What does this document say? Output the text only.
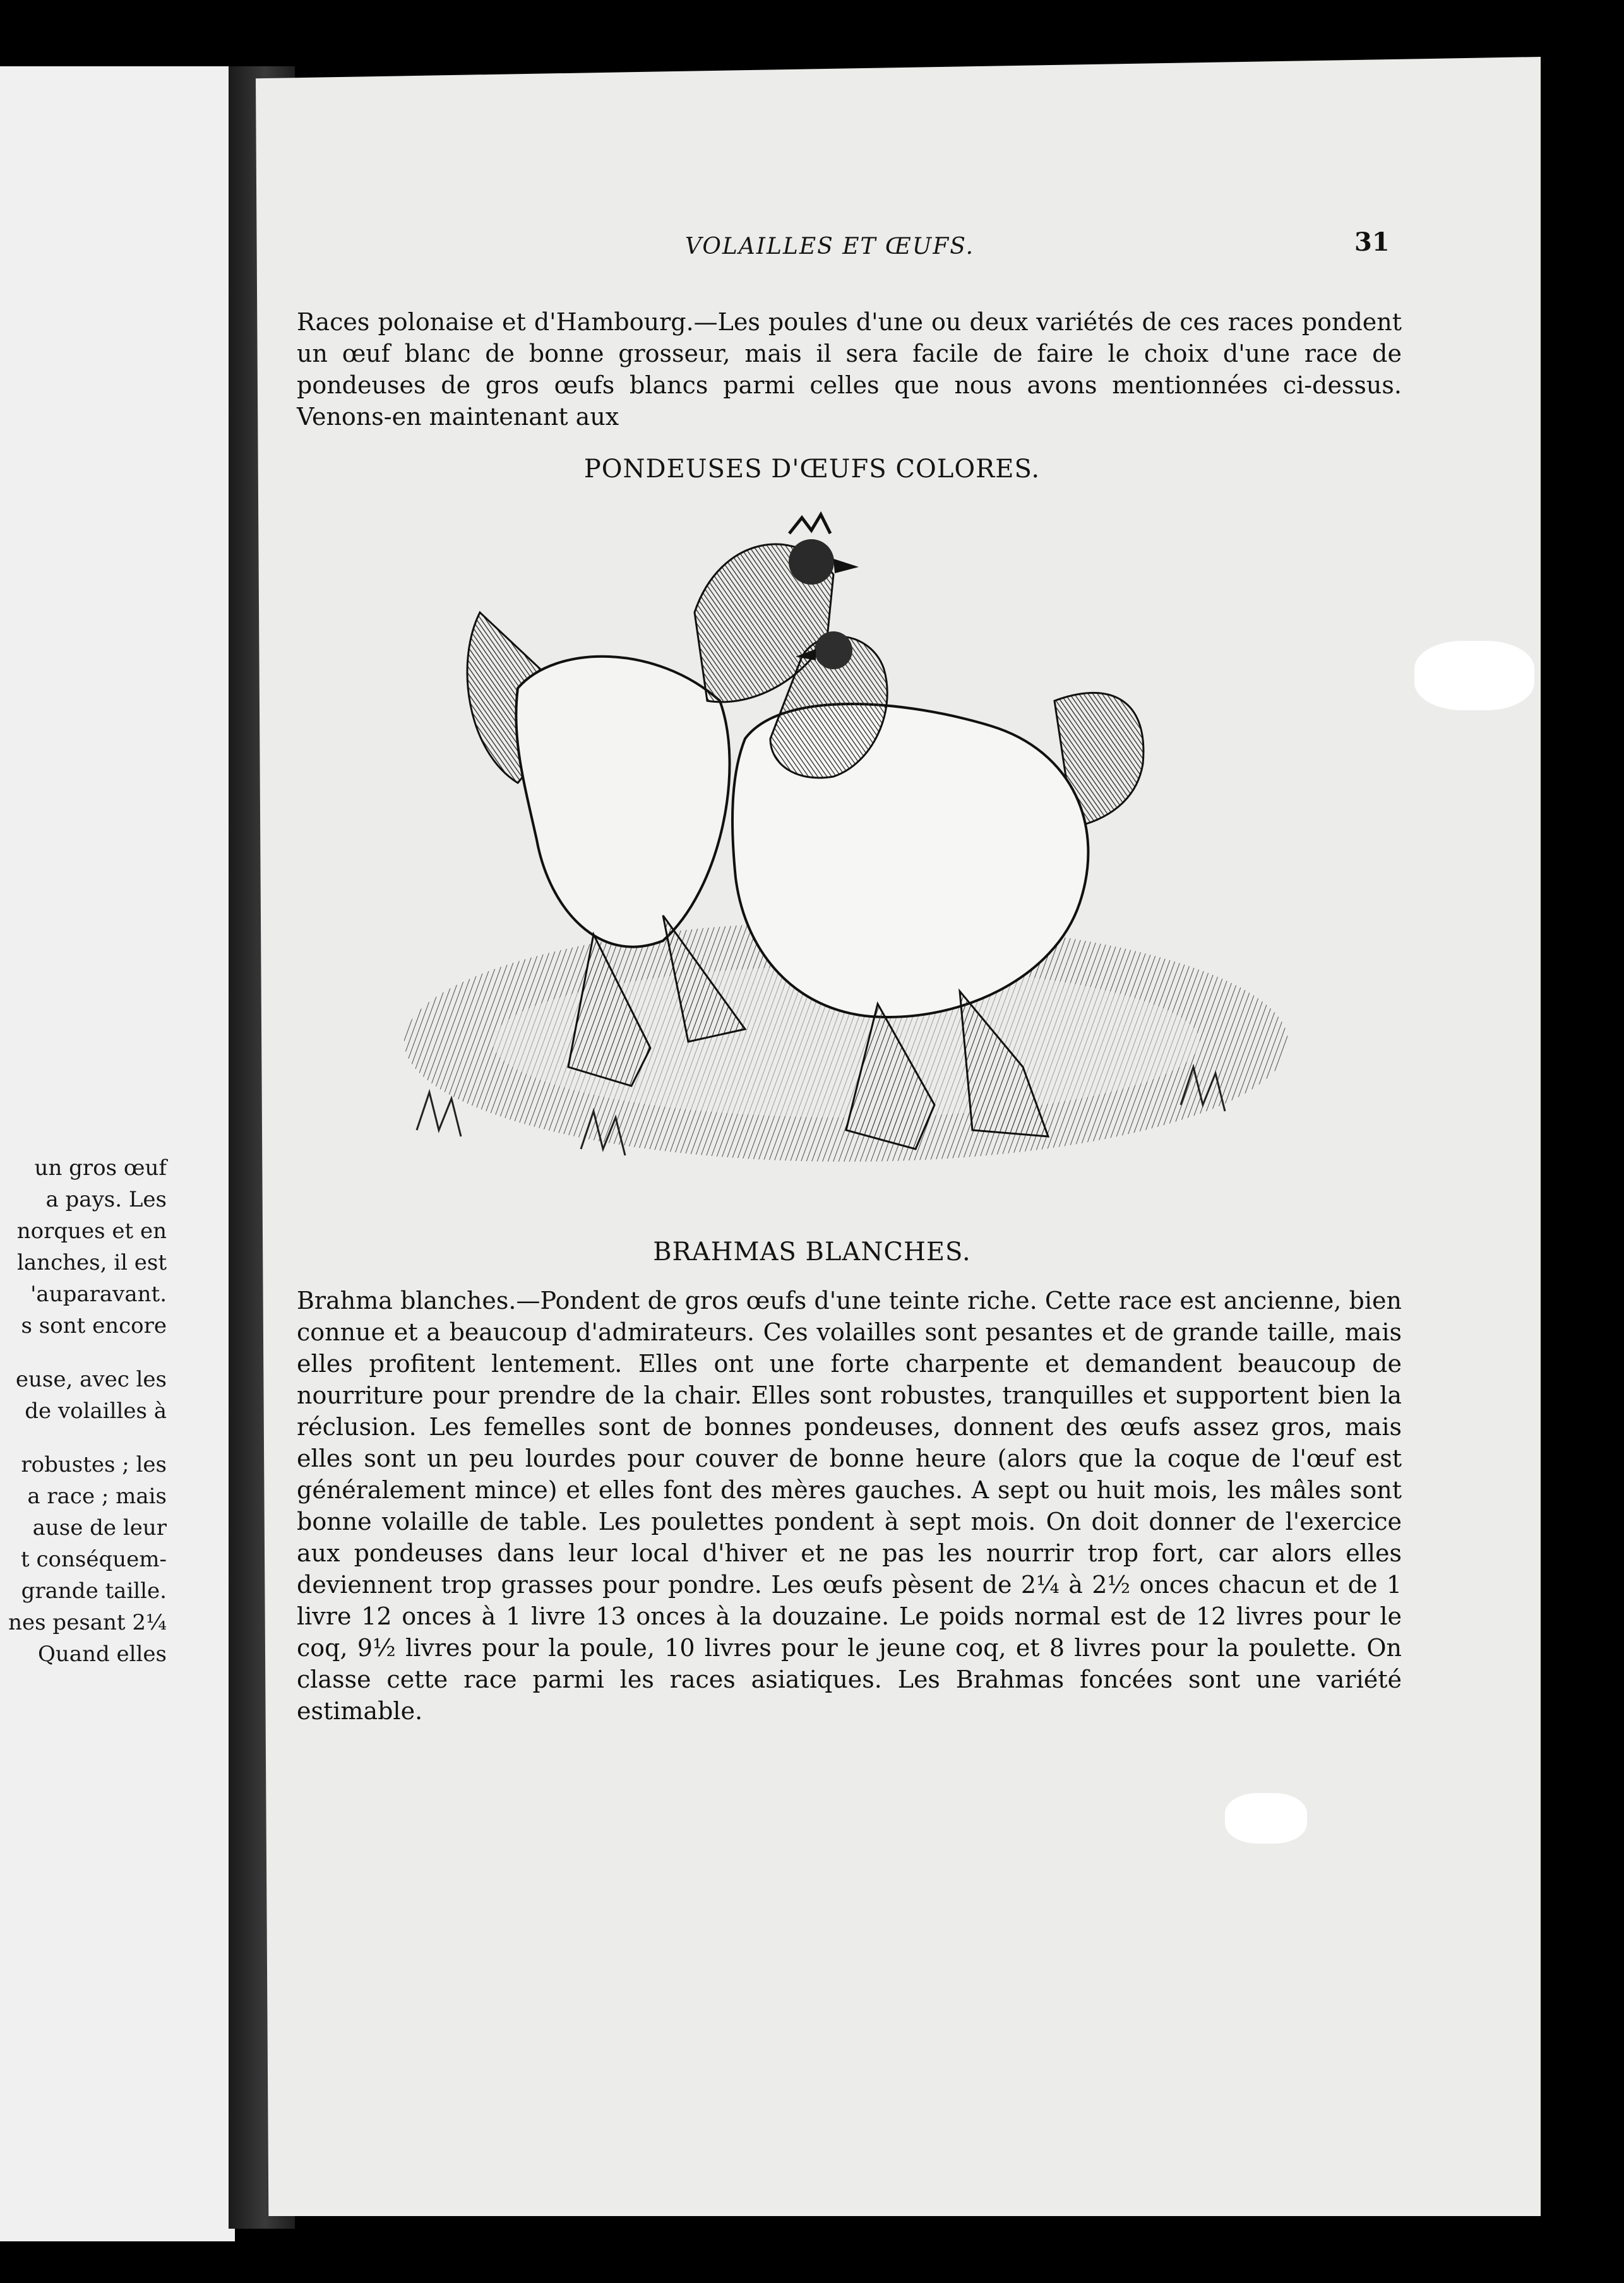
un gros œuf
a pays. Les
norques et en
lanches, il est
'auparavant.
s sont encore
euse, avec les
de volailles à
robustes ; les
a race ; mais
ause de leur
t conséquem-
grande taille.
nes pesant 2¼
Quand elles
VOLAILLES ET ŒUFS.	31
Races polonaise et d'Hambourg.—Les poules d'une ou deux variétés de ces races pondent un œuf blanc de bonne grosseur, mais il sera facile de faire le choix d'une race de pondeuses de gros œufs blancs parmi celles que nous avons mentionnées ci-dessus. Venons-en maintenant aux
PONDEUSES D'ŒUFS COLORES.
BRAHMAS BLANCHES.
Brahma blanches.—Pondent de gros œufs d'une teinte riche. Cette race est ancienne, bien connue et a beaucoup d'admirateurs. Ces volailles sont pesantes et de grande taille, mais elles profitent lentement. Elles ont une forte charpente et demandent beaucoup de nourriture pour prendre de la chair. Elles sont robustes, tranquilles et supportent bien la réclusion. Les femelles sont de bonnes pondeuses, donnent des œufs assez gros, mais elles sont un peu lourdes pour couver de bonne heure (alors que la coque de l'œuf est généralement mince) et elles font des mères gauches. A sept ou huit mois, les mâles sont bonne volaille de table. Les poulettes pondent à sept mois. On doit donner de l'exercice aux pondeuses dans leur local d'hiver et ne pas les nourrir trop fort, car alors elles deviennent trop grasses pour pondre. Les œufs pèsent de 2¼ à 2½ onces chacun et de 1 livre 12 onces à 1 livre 13 onces à la douzaine. Le poids normal est de 12 livres pour le coq, 9½ livres pour la poule, 10 livres pour le jeune coq, et 8 livres pour la poulette. On classe cette race parmi les races asiatiques. Les Brahmas foncées sont une variété estimable.
